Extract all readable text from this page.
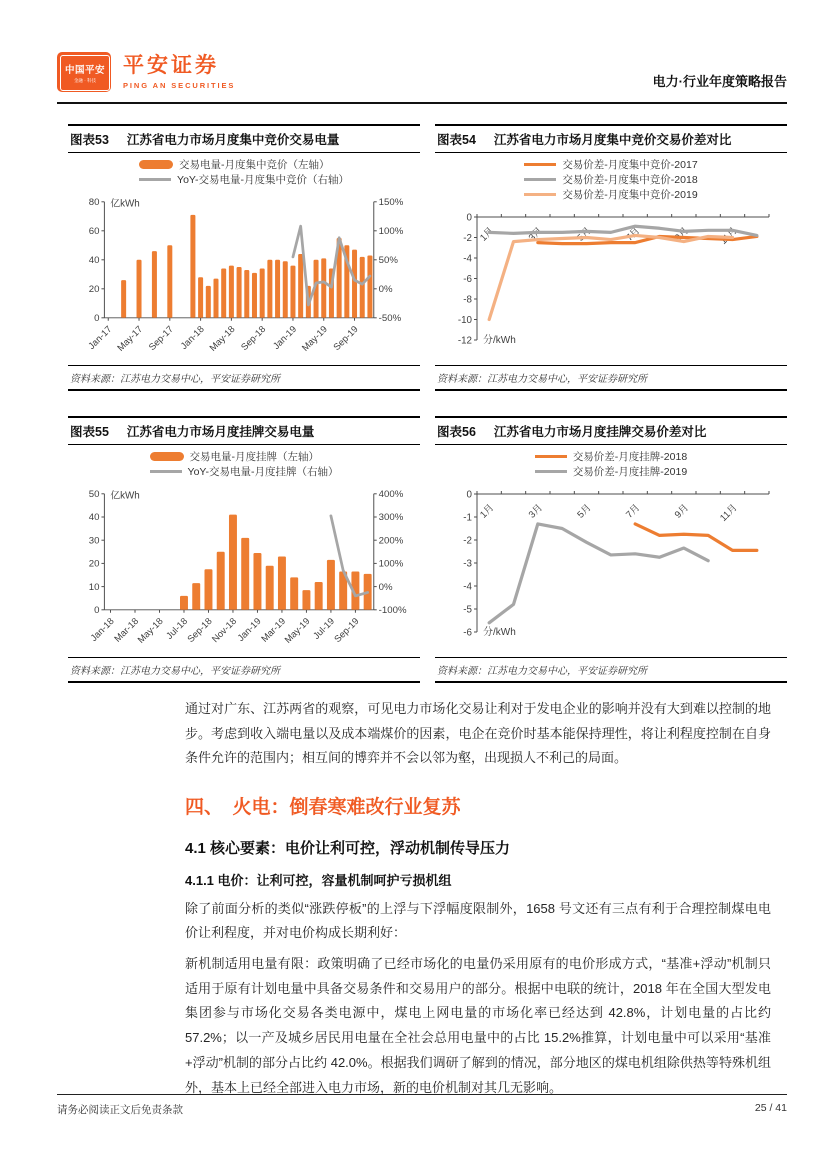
中国平安
金融 · 科技
平安证券
PING AN SECURITIES	电力·行业年度策略报告
图表53 江苏省电力市场月度集中竞价交易电量
交易电量-月度集中竞价（左轴）
YoY-交易电量-月度集中竞价（右轴）
0
20
40
60
80
-50%
0%
50%
100%
150%
亿kWh
Jan-17 May-17 Sep-17 Jan-18 May-18 Sep-18 Jan-19 May-19 Sep-19
资料来源：江苏电力交易中心，平安证券研究所
图表54 江苏省电力市场月度集中竞价交易价差对比
交易价差-月度集中竞价-2017
交易价差-月度集中竞价-2018
交易价差-月度集中竞价-2019
0
-2
-4
-6
-8
-10
-12
1月	3月	5月	7月	9月	11月
分/kWh
资料来源：江苏电力交易中心，平安证券研究所
图表55 江苏省电力市场月度挂牌交易电量
交易电量-月度挂牌（左轴）
YoY-交易电量-月度挂牌（右轴）
0
10
20
30
40
50
-100%
0%
100%
200%
300%
400%
亿kWh
Jan-18
Mar-18
May-18 Jul-18
Sep-18
Nov-18
Jan-19
Mar-19
May-19 Jul-19
Sep-19
资料来源：江苏电力交易中心，平安证券研究所
图表56 江苏省电力市场月度挂牌交易价差对比
交易价差-月度挂牌-2018
交易价差-月度挂牌-2019
0
-1
-2
-3
-4
-5
-6
1月	3月	5月	7月	9月	11月
分/kWh
资料来源：江苏电力交易中心，平安证券研究所

通过对广东、江苏两省的观察，可见电力市场化交易让利对于发电企业的影响并没有大到难以控制的地步。考虑到收入端电量以及成本端煤价的因素，电企在竞价时基本能保持理性，将让利程度控制在自身条件允许的范围内；相互间的博弈并不会以邻为壑，出现损人不利己的局面。

四、　火电：倒春寒难改行业复苏
4.1 核心要素：电价让利可控，浮动机制传导压力
4.1.1 电价：让利可控，容量机制呵护亏损机组

除了前面分析的类似“涨跌停板”的上浮与下浮幅度限制外，1658 号文还有三点有利于合理控制煤电电价让利程度，并对电价构成长期利好：

新机制适用电量有限：政策明确了已经市场化的电量仍采用原有的电价形成方式，“基准+浮动”机制只适用于原有计划电量中具备交易条件和交易用户的部分。根据中电联的统计，2018 年在全国大型发电集团参与市场化交易各类电源中，煤电上网电量的市场化率已经达到 42.8%，计划电量的占比约 57.2%；以一产及城乡居民用电量在全社会总用电量中的占比 15.2%推算，计划电量中可以采用“基准+浮动”机制的部分占比约 42.0%。根据我们调研了解到的情况，部分地区的煤电机组除供热等特殊机组外，基本上已经全部进入电力市场，新的电价机制对其几无影响。

请务必阅读正文后免责条款	25 / 41
